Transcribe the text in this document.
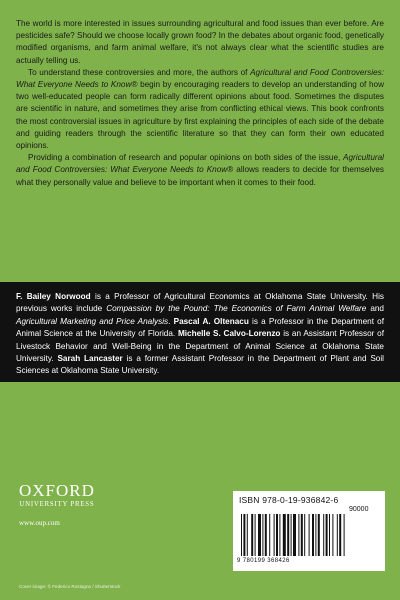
The world is more interested in issues surrounding agricultural and food issues than ever before. Are pesticides safe? Should we choose locally grown food? In the debates about organic food, genetically modified organisms, and farm animal welfare, it's not always clear what the scientific studies are actually telling us.

To understand these controversies and more, the authors of Agricultural and Food Controversies: What Everyone Needs to Know® begin by encouraging readers to develop an understanding of how two well-educated people can form radically different opinions about food. Sometimes the disputes are scientific in nature, and sometimes they arise from conflicting ethical views. This book confronts the most controversial issues in agriculture by first explaining the principles of each side of the debate and guiding readers through the scientific literature so that they can form their own educated opinions.

Providing a combination of research and popular opinions on both sides of the issue, Agricultural and Food Controversies: What Everyone Needs to Know® allows readers to decide for themselves what they personally value and believe to be important when it comes to their food.

F. Bailey Norwood is a Professor of Agricultural Economics at Oklahoma State University. His previous works include Compassion by the Pound: The Economics of Farm Animal Welfare and Agricultural Marketing and Price Analysis. Pascal A. Oltenacu is a Professor in the Department of Animal Science at the University of Florida. Michelle S. Calvo-Lorenzo is an Assistant Professor of Livestock Behavior and Well-Being in the Department of Animal Science at Oklahoma State University. Sarah Lancaster is a former Assistant Professor in the Department of Plant and Soil Sciences at Oklahoma State University.
OXFORD
UNIVERSITY PRESS
www.oup.com
Cover image: © Federico Rostagno / Shutterstock
ISBN 978-0-19-936842-6
90000
9 780199 368426
